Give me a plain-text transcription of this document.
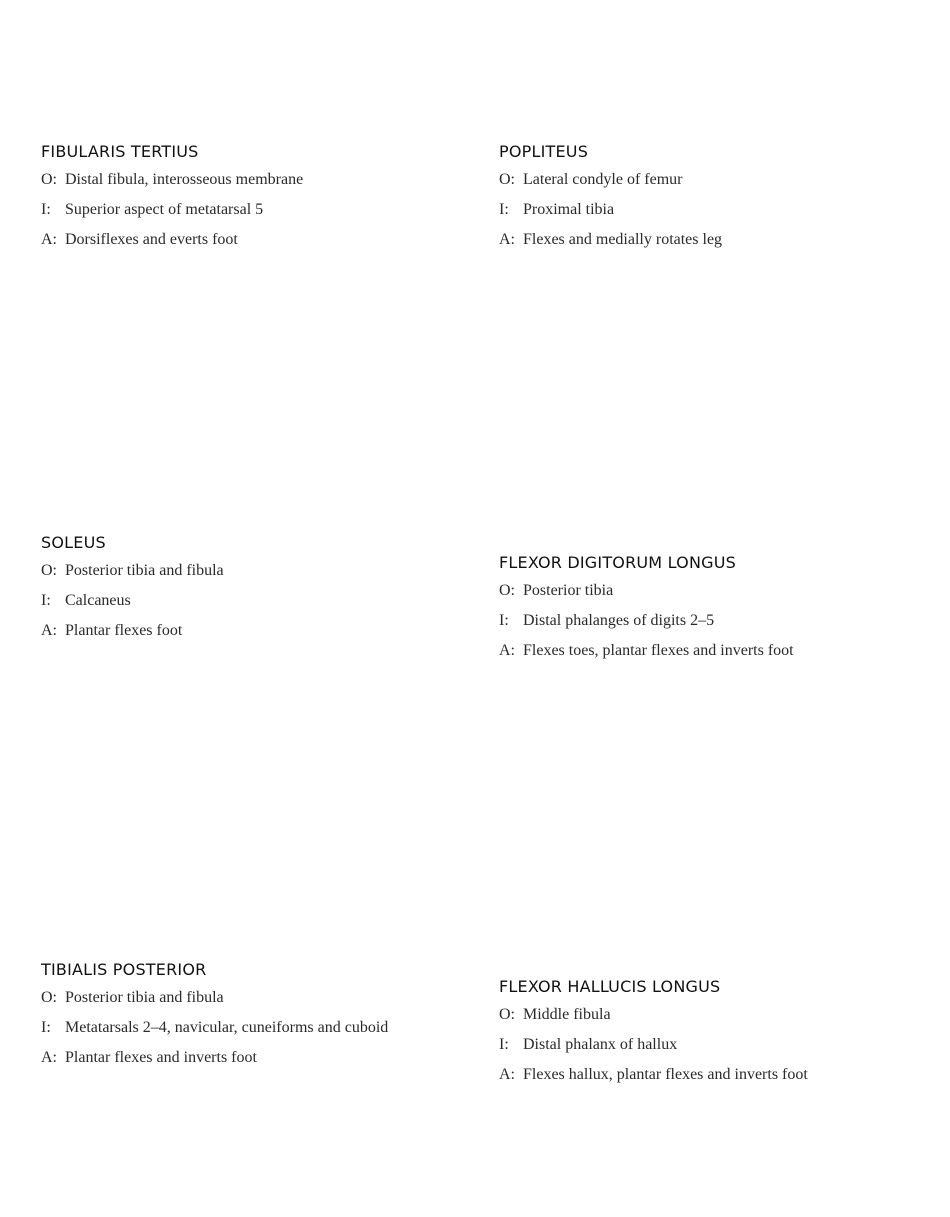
FIBULARIS TERTIUS
O: Distal fibula, interosseous membrane
I: Superior aspect of metatarsal 5
A: Dorsiflexes and everts foot
POPLITEUS
O: Lateral condyle of femur
I: Proximal tibia
A: Flexes and medially rotates leg
SOLEUS
O: Posterior tibia and fibula
I: Calcaneus
A: Plantar flexes foot
FLEXOR DIGITORUM LONGUS
O: Posterior tibia
I: Distal phalanges of digits 2–5
A: Flexes toes, plantar flexes and inverts foot
TIBIALIS POSTERIOR
O: Posterior tibia and fibula
I: Metatarsals 2–4, navicular, cuneiforms and cuboid
A: Plantar flexes and inverts foot
FLEXOR HALLUCIS LONGUS
O: Middle fibula
I: Distal phalanx of hallux
A: Flexes hallux, plantar flexes and inverts foot
